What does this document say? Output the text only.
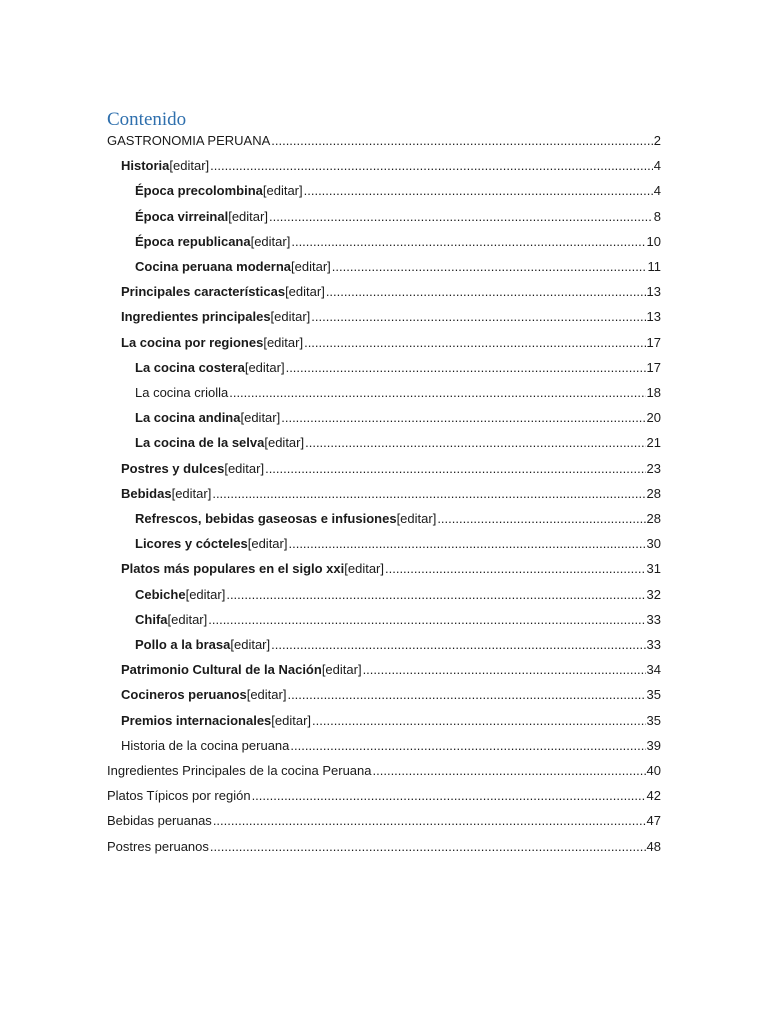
Contenido
GASTRONOMIA PERUANA .....	2
Historia [editar] .....	4
Época precolombina [editar] .....	4
Época virreinal [editar] .....	8
Época republicana [editar] .....	10
Cocina peruana moderna [editar] .....	11
Principales características [editar] .....	13
Ingredientes principales [editar] .....	13
La cocina por regiones [editar] .....	17
La cocina costera [editar] .....	17
La cocina criolla .....	18
La cocina andina [editar] .....	20
La cocina de la selva [editar] .....	21
Postres y dulces [editar] .....	23
Bebidas [editar] .....	28
Refrescos, bebidas gaseosas e infusiones [editar] .....	28
Licores y cócteles [editar] .....	30
Platos más populares en el siglo xxi [editar] .....	31
Cebiche [editar] .....	32
Chifa [editar] .....	33
Pollo a la brasa [editar] .....	33
Patrimonio Cultural de la Nación [editar] .....	34
Cocineros peruanos [editar] .....	35
Premios internacionales [editar] .....	35
Historia de la cocina peruana .....	39
Ingredientes Principales de la cocina Peruana .....	40
Platos Típicos por región .....	42
Bebidas peruanas .....	47
Postres peruanos .....	48
